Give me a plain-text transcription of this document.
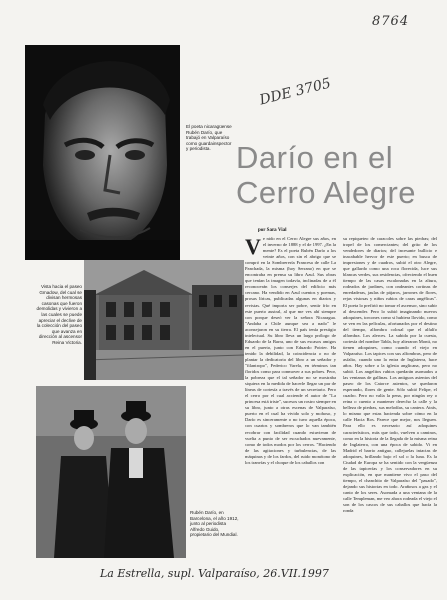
8764
DDE 3705
El poeta nicaragüense Rubén Darío, que trabajó en Valparaíso como guardainspector y periodista. Darío en el
Cerro Alegre
por Sara Vial
Vista hacia el paseo Gmadow, del cual se divisan hermosas casonas que fueron demolidas y vivieron a las cuales se puede apreciar el declive de la colección del paseo que avanza en dirección al ascensor Reina Victoria.
Rubén Darío, en Barcelona, el año 1912, junto al periodista Alfredo Guido, propietario del Mundial.
Ve nido en el Cerro Alegre sus años, en el inverno de 1888 y el de 1997. ¿En la mente? Es el poeta Rubén Darío a los veinte años, con sin el abrigo que se compró en la Sombrerería Francesa de calle La Panchada, la misma (hoy Serrano) en que se encontraba en prensa su libro Azul. Sus obras que tenían la imagen todavía, inclinadas de a él reconocerán los conserjes del edificio más cercano. Ha vendido en Azul cuentos y poemas, prosas líricas, publicadas algunas en diarios y revistas. Qué importa ser pobre, sentir frío en este puerto austral, al que me ves ahí siempre con porque deseó ver la señora Nicaragua. "Andaba a Chile aunque sea a nado" le aconsejaron en su tierra. El país tenía prestigio intelectual. Su libro lleva un largo prólogo de Eduardo de la Barra, uno de sus escasos amigos en el puerto, junto con Eduardo Poirier. Ha tenido la debilidad, la coincidencia o no de plantar la dedicatoria del libro a un señador y "filantropo", Federico Varela, en términos tan floridos como para conmover a sus pobres. Peor, la pobreza que el tal señador no se mostraba siquiera en la medida de hacerle llegar un par de líneas de cortesía a través de un secretario. Pero el cerro por el cual acciende el autor de "La princesa está triste", sucesos un rostro siempre en su libro, junto a otras escenas de Valparaíso, puerto en el cual ha vivido solo y mohoso, y Darío es sinceramente o no tuvo aquella época, con cuartos y sombreros que lo van también recobrar con facilidad cuando estuvieran de vuelta a punto de ser escuchados nuevamente, como de todos modos por los cerros. "Haciendo de las agitaciones y turbulencias, de las máquinas y de los fardos, del ruido monótono de los tranvías y el choque de los caballos con
su repiqueteo de caracoles sobre las piedras; del tropel de los comerciantes; del grito de los vendedores de diarios; del incesante bullicio e inacabable hervor de este puerto; en busca de impresiones y de cuadros, subió el otro Alegre, que gallardo como una roca florecida, luce sus blancas verdes, sus residencias, ofreciendo el buen tiempo de las casas escalonadas en la altura, rodeados de jardines, con ondeantes cortinas de enredaderas, jaulas de pájaros, jarrones de flores, rejas vistosas y niños rubios de caras angélicas". El poeta lo prefirió no tomar el ascensor, sino subir al descender. Pero lo subió imaginando nuevos adoquines, torcones como si hubiera llovido, como se ven en las películas, afortunados por el destino del tiempo, alfombra colosal que el alfalfo alfombra. Los alerces. La subida por la cuesta, cortesía del nombre Tabla, hoy alteraron Monti, no tienen adoquines, como cuando el viejo en Valparaíso. Los tapices con sus alfombras, pero de asfalto, cuando uno la entra de Inglaterra, hace años. Hay sobre a la iglesia anglicana, pero no subió. Los angelitos rubios quedarán asomados a las ventanas de gallinas. Los antiguos asientos del paseo de los Catorce asientos, se quedaron esperando, flores de gente. Sólo subió Felipe, el cuadro. Pero no valía la pena, por ningún rey o reina o cuento a mantener derecho la calle y la belleza de piedras, sus melodías, su cantera. Atrás, lo mismo que estas hacienda sobre cómo en la calle Hacia Ros. Parece que mejor, nos lleguen. Para ello es necesario así adoquines característicos, más que todo, vuelven a caminos, como en la historia de la llegada de la misma reina de Inglaterra, con una época de sabido. Vi en Madrid el barrio antiguo, callejuelas intactas de adoquines, brillando bajo el sol o la luna. Es la Ciudad de Europa se ha sentido con la vergüenza de las tapicerías y los conservadores en su explicación, en que mantiene vivo el paso del tiempo, el chanchito de Valparaíso del "pasado", dejando sus historias en todo. Arañosos a gas y el canto de los seres. Asomada a una ventana de la calle Templeman, me veo ahora rodeada el viejo el son de los cascos de sus caballos que hacía la ronda
La Estrella, supl. Valparaíso, 26.VII.1997
